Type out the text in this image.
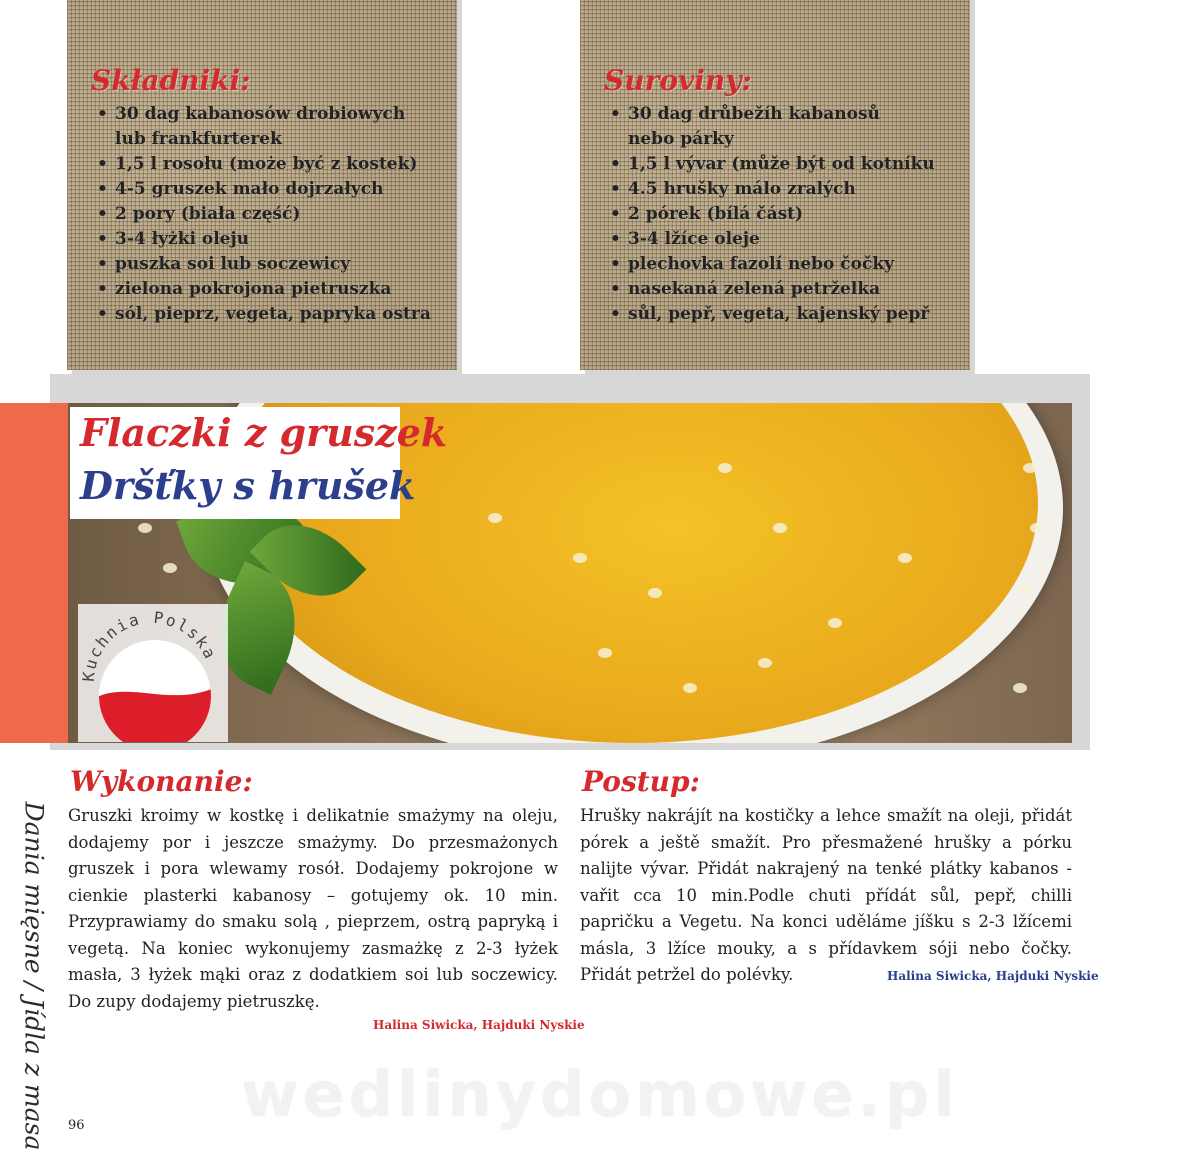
Składniki:
• 30 dag kabanosów drobiowych
lub frankfurterek
• 1,5 l rosołu (może być z kostek)
• 4-5 gruszek mało dojrzałych
• 2 pory (biała część)
• 3-4 łyżki oleju
• puszka soi lub soczewicy
• zielona pokrojona pietruszka
• sól, pieprz, vegeta, papryka ostra
Suroviny:
• 30 dag drůbežíh kabanosů
nebo párky
• 1,5 l vývar (může být od kotníku
• 4.5 hrušky málo zralých
• 2 pórek (bílá část)
• 3-4 lžíce oleje
• plechovka fazolí nebo čočky
• nasekaná zelená petrželka
• sůl, pepř, vegeta, kajenský pepř
Flaczki z gruszek
Dršťky s hrušek
Dania mięsne / Jídla z masa
Kuchnia Polska
Wykonanie:
Gruszki kroimy w kostkę i delikatnie smażymy na oleju, dodajemy por i jeszcze smażymy. Do przesmażonych gruszek i pora wlewamy rosół. Dodajemy pokrojone w cienkie plasterki kabanosy – gotujemy ok. 10 min. Przyprawiamy do smaku solą , pieprzem, ostrą papryką i vegetą. Na koniec wykonujemy zasmażkę z 2-3 łyżek masła, 3 łyżek mąki oraz z dodatkiem soi lub soczewicy. Do zupy dodajemy pietruszkę.
Halina Siwicka, Hajduki Nyskie
Postup:
Hrušky nakrájít na kostičky a lehce smažít na oleji, přidát pórek a ještě smažít. Pro přesmažené hrušky a pórku nalijte vývar. Přidát nakrajený na tenké plátky kabanos - vařit cca 10 min.Podle chuti přídát sůl, pepř, chilli papričku a Vegetu. Na konci uděláme jíšku s 2-3 lžícemi másla, 3 lžíce mouky, a s přídavkem sóji nebo čočky. Přidát petržel do polévky.	Halina Siwicka, Hajduki Nyskie
wedlinydomowe.pl
96
